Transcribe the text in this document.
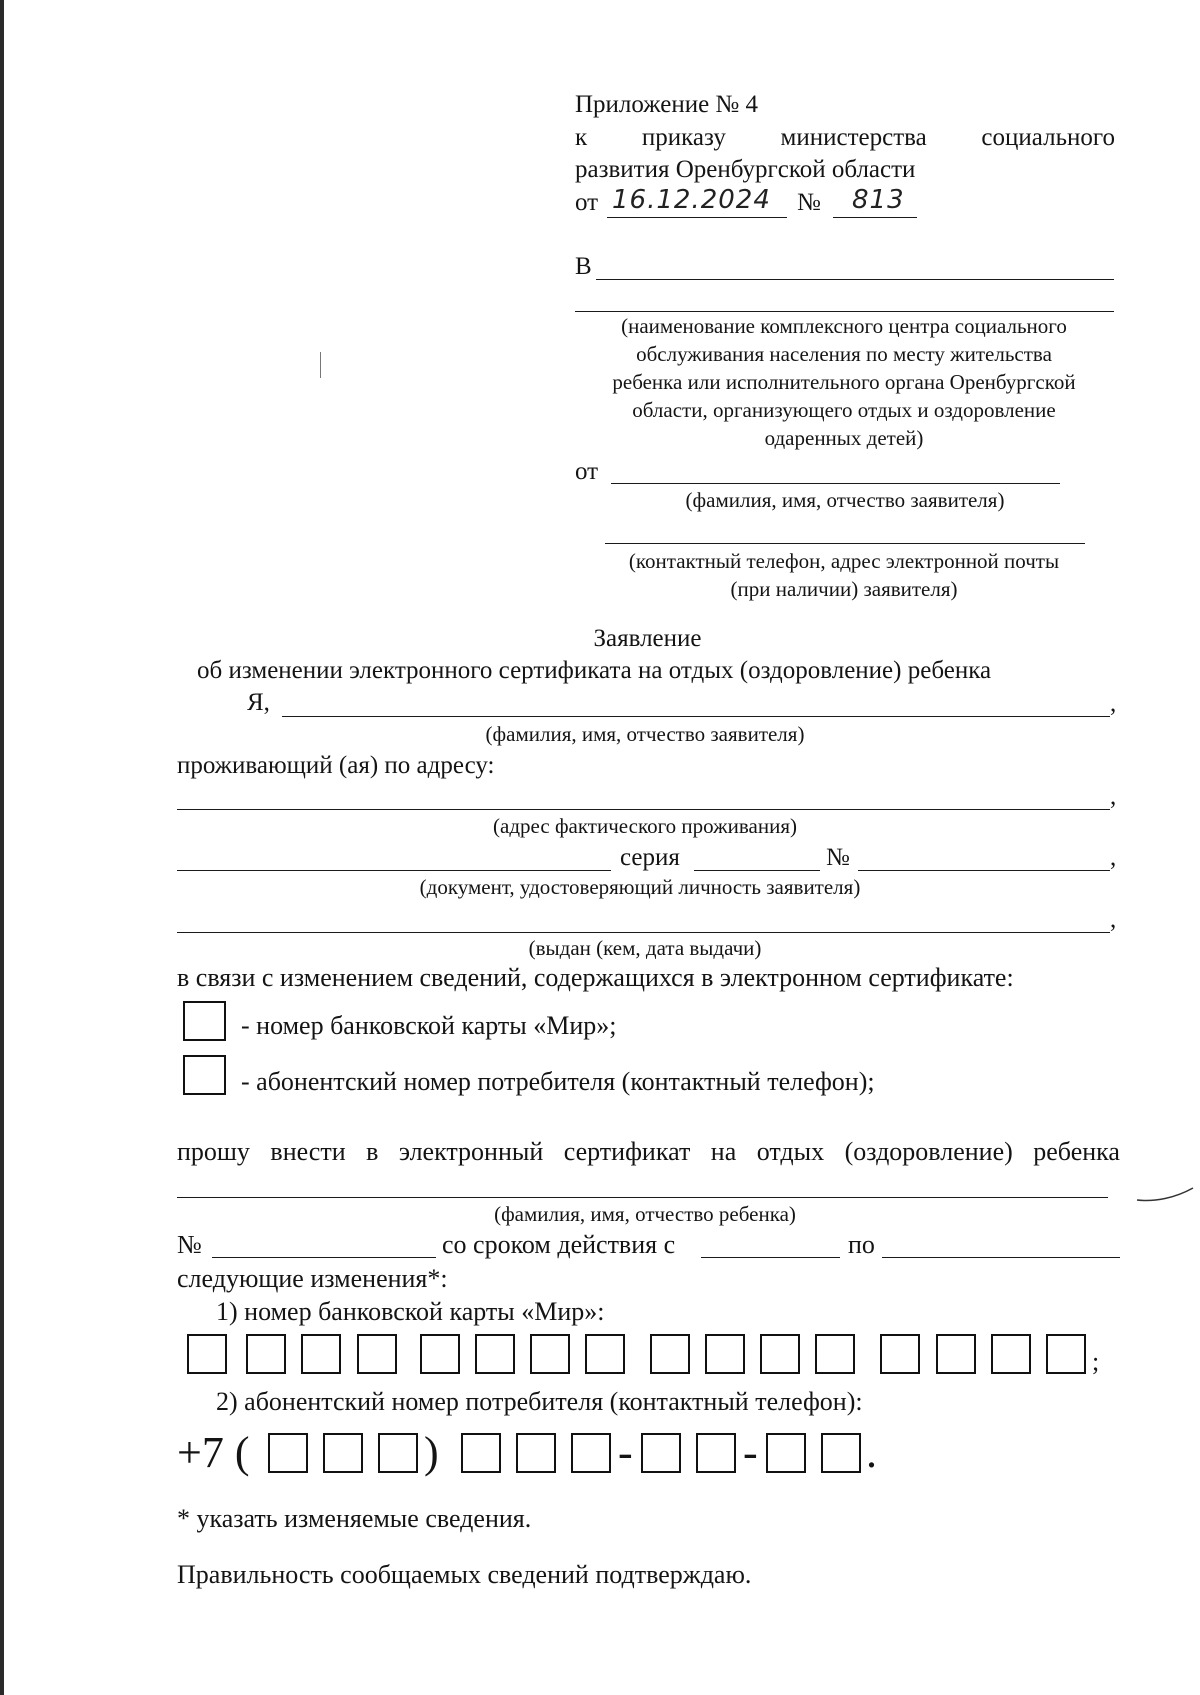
Приложение № 4
к приказу министерства социального
развития Оренбургской области
от 16.12.2024 № 813
В
(наименование комплексного центра социального
обслуживания населения по месту жительства
ребенка или исполнительного органа Оренбургской
области, организующего отдых и оздоровление
одаренных детей)
от
(фамилия, имя, отчество заявителя)
(контактный телефон, адрес электронной почты
(при наличии) заявителя)
Заявление
об изменении электронного сертификата на отдых (оздоровление) ребенка
Я,	,
(фамилия, имя, отчество заявителя)
проживающий (ая) по адресу:
,
(адрес фактического проживания)
серия	№	,
(документ, удостоверяющий личность заявителя)
,
(выдан (кем, дата выдачи)
в связи с изменением сведений, содержащихся в электронном сертификате:
- номер банковской карты «Мир»;
- абонентский номер потребителя (контактный телефон);
прошу внести в электронный сертификат на отдых (оздоровление) ребенка
(фамилия, имя, отчество ребенка)
№	со сроком действия с	по
следующие изменения*:
1) номер банковской карты «Мир»:
;
2) абонентский номер потребителя (контактный телефон):
+7 (	)	-	- .
* указать изменяемые сведения.
Правильность сообщаемых сведений подтверждаю.
